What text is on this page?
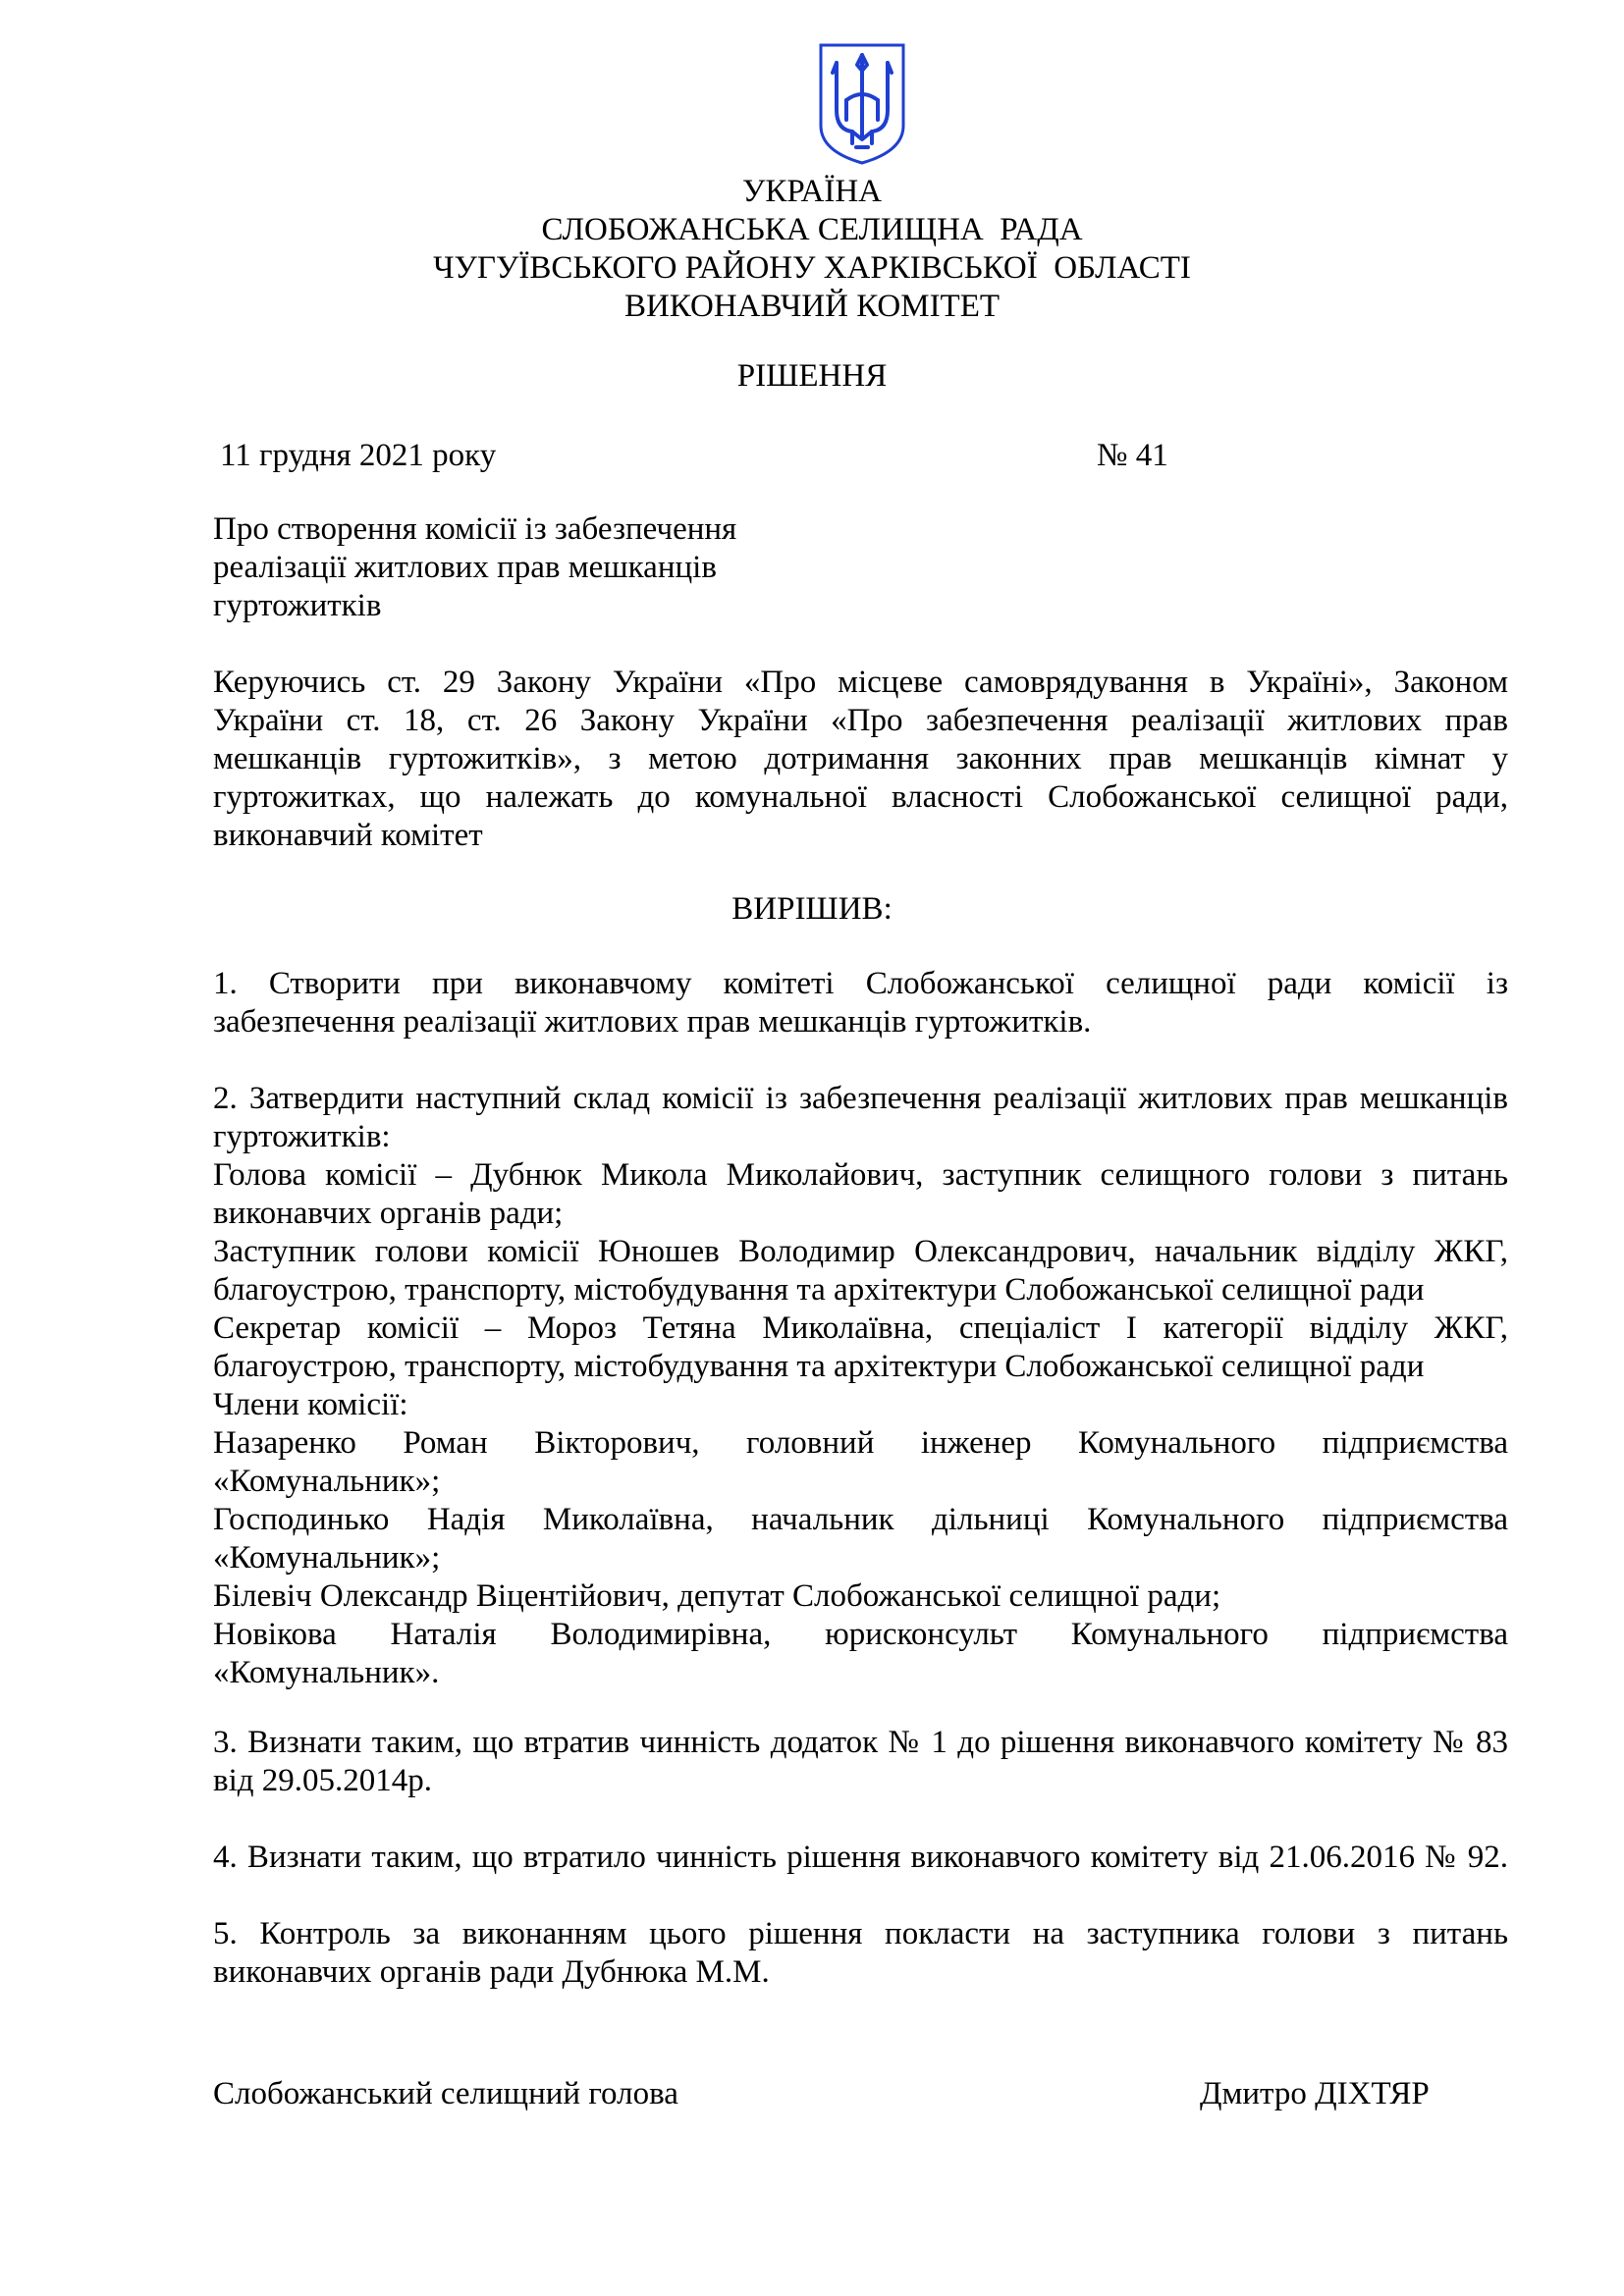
УКРАЇНА
СЛОБОЖАНСЬКА СЕЛИЩНА  РАДА
ЧУГУЇВСЬКОГО РАЙОНУ ХАРКІВСЬКОЇ  ОБЛАСТІ
ВИКОНАВЧИЙ КОМІТЕТ
РІШЕННЯ
11 грудня 2021 року	№ 41
Про створення комісії із забезпечення
реалізації житлових прав мешканців
гуртожитків
Керуючись ст. 29 Закону України «Про місцеве самоврядування в Україні», Законом
України ст. 18, ст. 26 Закону України «Про забезпечення реалізації житлових прав
мешканців гуртожитків», з метою дотримання законних прав мешканців кімнат у
гуртожитках, що належать до комунальної власності Слобожанської селищної ради,
виконавчий комітет
ВИРІШИВ:
1. Створити при виконавчому комітеті Слобожанської селищної ради комісії із
забезпечення реалізації житлових прав мешканців гуртожитків.
2. Затвердити наступний склад комісії із забезпечення реалізації житлових прав мешканців
гуртожитків:
Голова комісії – Дубнюк Микола Миколайович, заступник селищного голови з питань
виконавчих органів ради;
Заступник голови комісії Юношев Володимир Олександрович, начальник відділу ЖКГ,
благоустрою, транспорту, містобудування та архітектури Слобожанської селищної ради
Секретар комісії – Мороз Тетяна Миколаївна, спеціаліст І категорії відділу ЖКГ,
благоустрою, транспорту, містобудування та архітектури Слобожанської селищної ради
Члени комісії:
Назаренко Роман Вікторович, головний інженер Комунального підприємства
«Комунальник»;
Господинько Надія Миколаївна, начальник дільниці Комунального підприємства
«Комунальник»;
Білевіч Олександр Віцентійович, депутат Слобожанської селищної ради;
Новікова Наталія Володимирівна, юрисконсульт Комунального підприємства
«Комунальник».
3. Визнати таким, що втратив чинність додаток № 1 до рішення виконавчого комітету № 83
від 29.05.2014р.
4. Визнати таким, що втратило чинність рішення виконавчого комітету від 21.06.2016 № 92.
5. Контроль за виконанням цього рішення покласти на заступника голови з питань
виконавчих органів ради Дубнюка М.М.
Слобожанський селищний голова	Дмитро ДІХТЯР
